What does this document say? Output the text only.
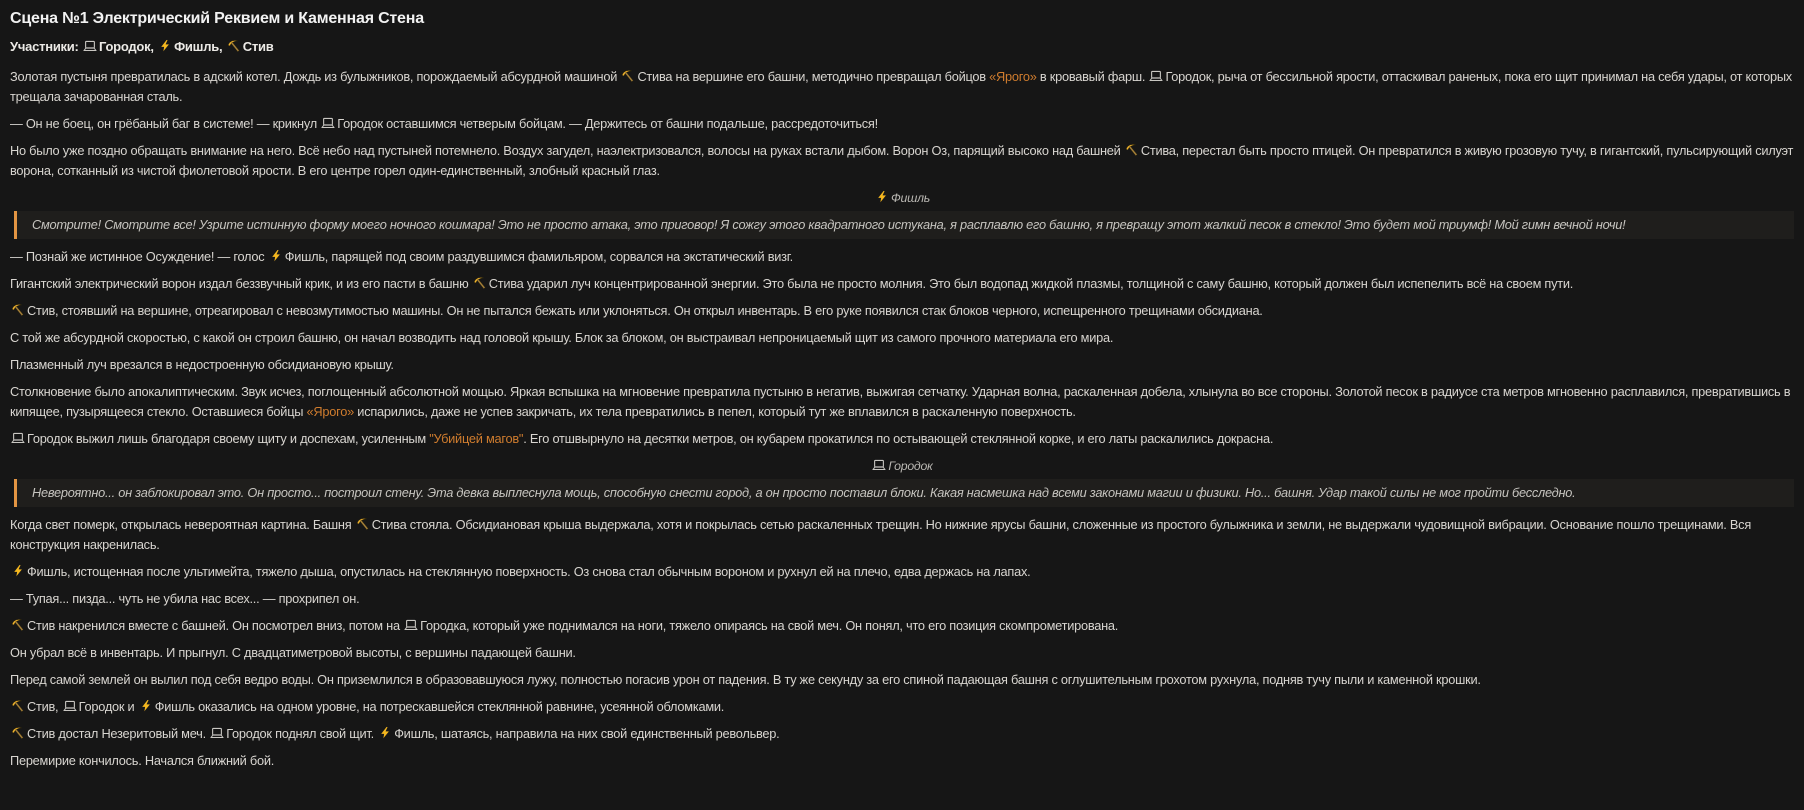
Сцена №1 Электрический Реквием и Каменная Стена
Участники: Городок, Фишль, Стив
Золотая пустыня превратилась в адский котел. Дождь из булыжников, порождаемый абсурдной машиной Стива на вершине его башни, методично превращал бойцов «Ярого» в кровавый фарш. Городок, рыча от бессильной ярости, оттаскивал раненых, пока его щит принимал на себя удары, от которых трещала зачарованная сталь.
— Он не боец, он грёбаный баг в системе! — крикнул Городок оставшимся четверым бойцам. — Держитесь от башни подальше, рассредоточиться!
Но было уже поздно обращать внимание на него. Всё небо над пустыней потемнело. Воздух загудел, наэлектризовался, волосы на руках встали дыбом. Ворон Оз, парящий высоко над башней Стива, перестал быть просто птицей. Он превратился в живую грозовую тучу, в гигантский, пульсирующий силуэт ворона, сотканный из чистой фиолетовой ярости. В его центре горел один-единственный, злобный красный глаз.
Фишль
Смотрите! Смотрите все! Узрите истинную форму моего ночного кошмара! Это не просто атака, это приговор! Я сожгу этого квадратного истукана, я расплавлю его башню, я превращу этот жалкий песок в стекло! Это будет мой триумф! Мой гимн вечной ночи!
— Познай же истинное Осуждение! — голос Фишль, парящей под своим раздувшимся фамильяром, сорвался на экстатический визг.
Гигантский электрический ворон издал беззвучный крик, и из его пасти в башню Стива ударил луч концентрированной энергии. Это была не просто молния. Это был водопад жидкой плазмы, толщиной с саму башню, который должен был испепелить всё на своем пути.
Стив, стоявший на вершине, отреагировал с невозмутимостью машины. Он не пытался бежать или уклоняться. Он открыл инвентарь. В его руке появился стак блоков черного, испещренного трещинами обсидиана.
С той же абсурдной скоростью, с какой он строил башню, он начал возводить над головой крышу. Блок за блоком, он выстраивал непроницаемый щит из самого прочного материала его мира.
Плазменный луч врезался в недостроенную обсидиановую крышу.
Столкновение было апокалиптическим. Звук исчез, поглощенный абсолютной мощью. Яркая вспышка на мгновение превратила пустыню в негатив, выжигая сетчатку. Ударная волна, раскаленная добела, хлынула во все стороны. Золотой песок в радиусе ста метров мгновенно расплавился, превратившись в кипящее, пузырящееся стекло. Оставшиеся бойцы «Ярого» испарились, даже не успев закричать, их тела превратились в пепел, который тут же вплавился в раскаленную поверхность.
Городок выжил лишь благодаря своему щиту и доспехам, усиленным "Убийцей магов". Его отшвырнуло на десятки метров, он кубарем прокатился по остывающей стеклянной корке, и его латы раскалились докрасна.
Городок
Невероятно... он заблокировал это. Он просто... построил стену. Эта девка выплеснула мощь, способную снести город, а он просто поставил блоки. Какая насмешка над всеми законами магии и физики. Но... башня. Удар такой силы не мог пройти бесследно.
Когда свет померк, открылась невероятная картина. Башня Стива стояла. Обсидиановая крыша выдержала, хотя и покрылась сетью раскаленных трещин. Но нижние ярусы башни, сложенные из простого булыжника и земли, не выдержали чудовищной вибрации. Основание пошло трещинами. Вся конструкция накренилась.
Фишль, истощенная после ультимейта, тяжело дыша, опустилась на стеклянную поверхность. Оз снова стал обычным вороном и рухнул ей на плечо, едва держась на лапах.
— Тупая... пизда... чуть не убила нас всех... — прохрипел он.
Стив накренился вместе с башней. Он посмотрел вниз, потом на Городка, который уже поднимался на ноги, тяжело опираясь на свой меч. Он понял, что его позиция скомпрометирована.
Он убрал всё в инвентарь. И прыгнул. С двадцатиметровой высоты, с вершины падающей башни.
Перед самой землей он вылил под себя ведро воды. Он приземлился в образовавшуюся лужу, полностью погасив урон от падения. В ту же секунду за его спиной падающая башня с оглушительным грохотом рухнула, подняв тучу пыли и каменной крошки.
Стив, Городок и Фишль оказались на одном уровне, на потрескавшейся стеклянной равнине, усеянной обломками.
Стив достал Незеритовый меч. Городок поднял свой щит. Фишль, шатаясь, направила на них свой единственный револьвер.
Перемирие кончилось. Начался ближний бой.
